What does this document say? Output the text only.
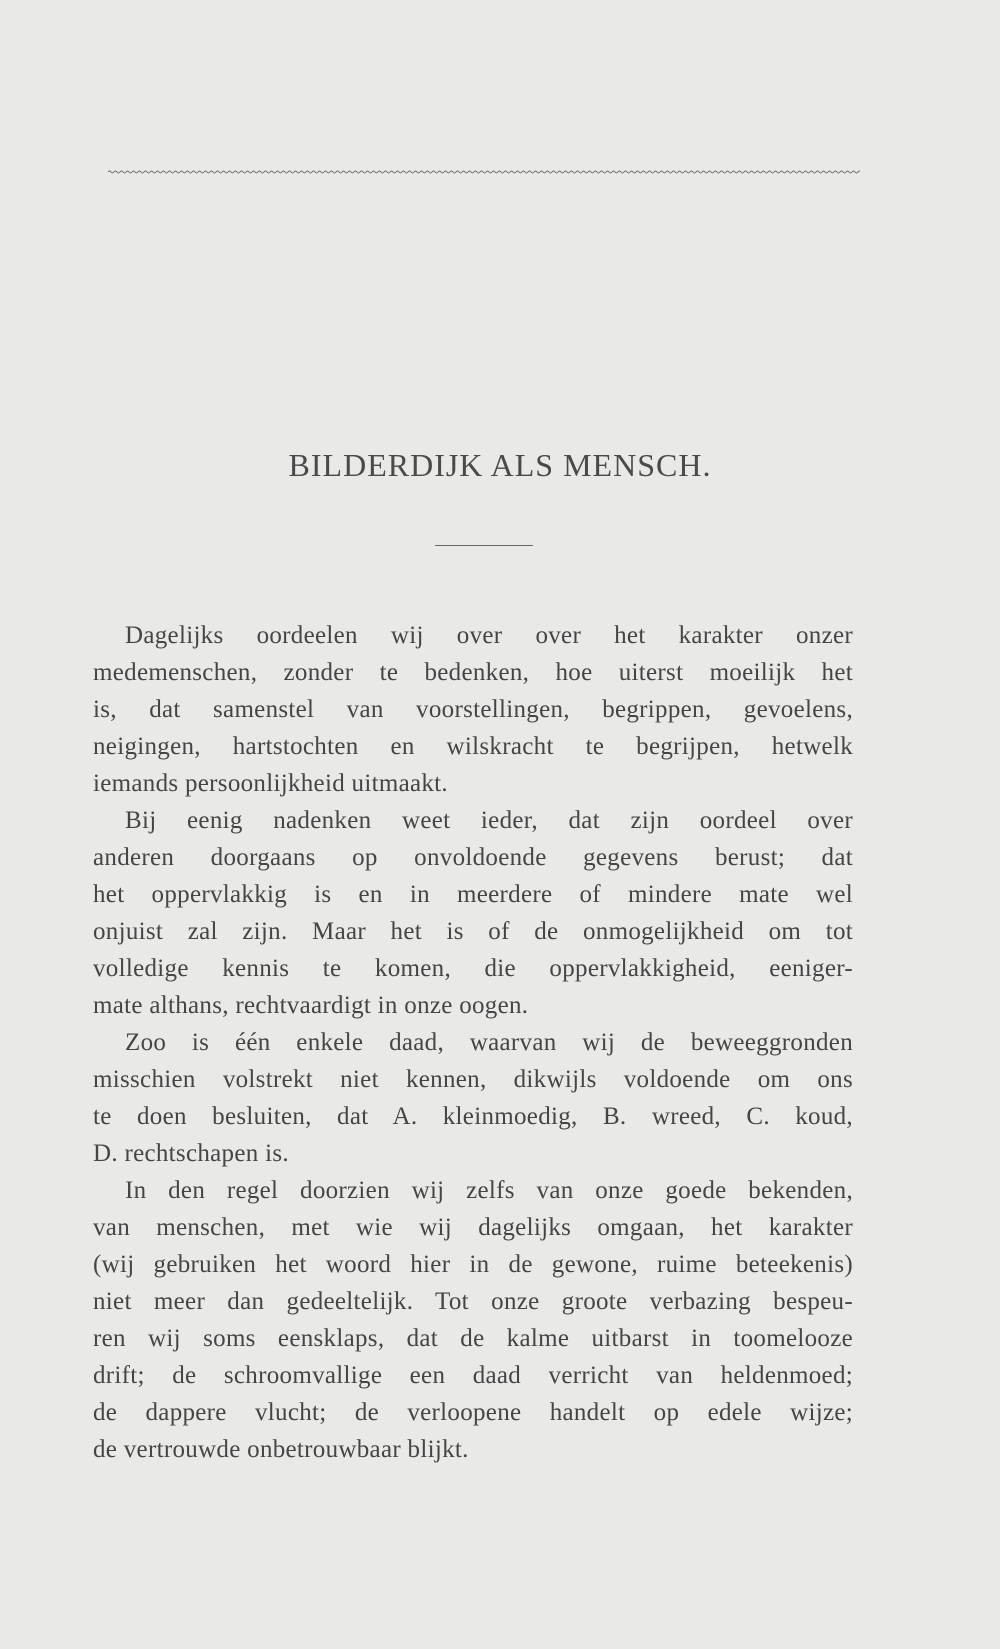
BILDERDIJK ALS MENSCH.
Dagelijks oordeelen wij over over het karakter onzer
medemenschen, zonder te bedenken, hoe uiterst moeilijk het
is, dat samenstel van voorstellingen, begrippen, gevoelens,
neigingen, hartstochten en wilskracht te begrijpen, hetwelk
iemands persoonlijkheid uitmaakt.
Bij eenig nadenken weet ieder, dat zijn oordeel over
anderen doorgaans op onvoldoende gegevens berust; dat
het oppervlakkig is en in meerdere of mindere mate wel
onjuist zal zijn. Maar het is of de onmogelijkheid om tot
volledige kennis te komen, die oppervlakkigheid, eeniger-
mate althans, rechtvaardigt in onze oogen.
Zoo is één enkele daad, waarvan wij de beweeggronden
misschien volstrekt niet kennen, dikwijls voldoende om ons
te doen besluiten, dat A. kleinmoedig, B. wreed, C. koud,
D. rechtschapen is.
In den regel doorzien wij zelfs van onze goede bekenden,
van menschen, met wie wij dagelijks omgaan, het karakter
(wij gebruiken het woord hier in de gewone, ruime beteekenis)
niet meer dan gedeeltelijk. Tot onze groote verbazing bespeu-
ren wij soms eensklaps, dat de kalme uitbarst in toomelooze
drift; de schroomvallige een daad verricht van heldenmoed;
de dappere vlucht; de verloopene handelt op edele wijze;
de vertrouwde onbetrouwbaar blijkt.
